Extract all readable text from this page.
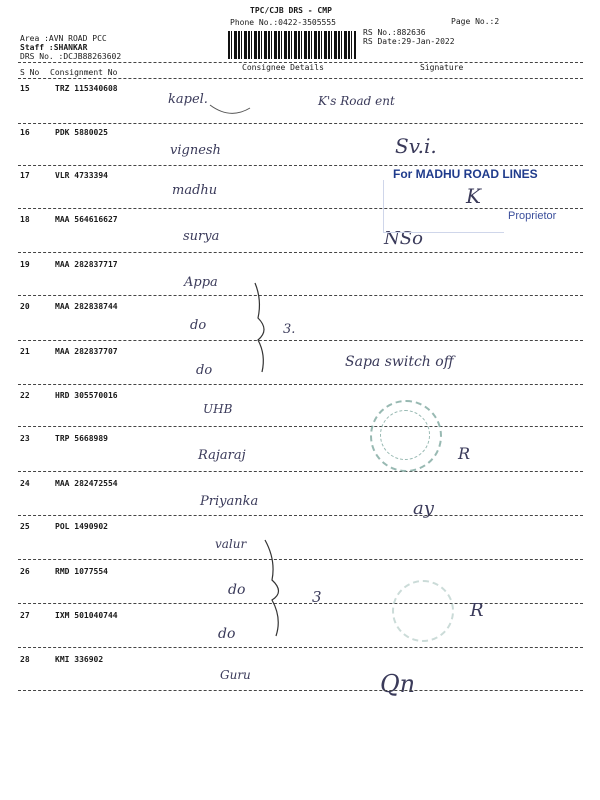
TPC/CJB DRS - CMP
Phone No.:0422-3505555	Page No.:2
Area :AVN ROAD PCC
Staff :SHANKAR
DRS No. :DCJB88263602
RS No.:882636
RS Date:29-Jan-2022
S No Consignment No
Consignee Details	Signature
15	TRZ 115340608
kapel.	K's Road ent
16	PDK 5880025
vignesh	Sv.i.
17	VLR 4733394
madhu	K
For MADHU ROAD LINES
Proprietor
18	MAA 564616627
surya	NSo
19	MAA 282837717
Appa
20	MAA 282838744
do	3.
21	MAA 282837707
do
Sapa switch off
22	HRD 305570016
UHB
23	TRP 5668989
Rajaraj	R
24	MAA 282472554
Priyanka	ay
25	POL 1490902
valur
26	RMD 1077554
do	3
27	IXM 501040744
do
R
28	KMI 336902
Guru	Qn
